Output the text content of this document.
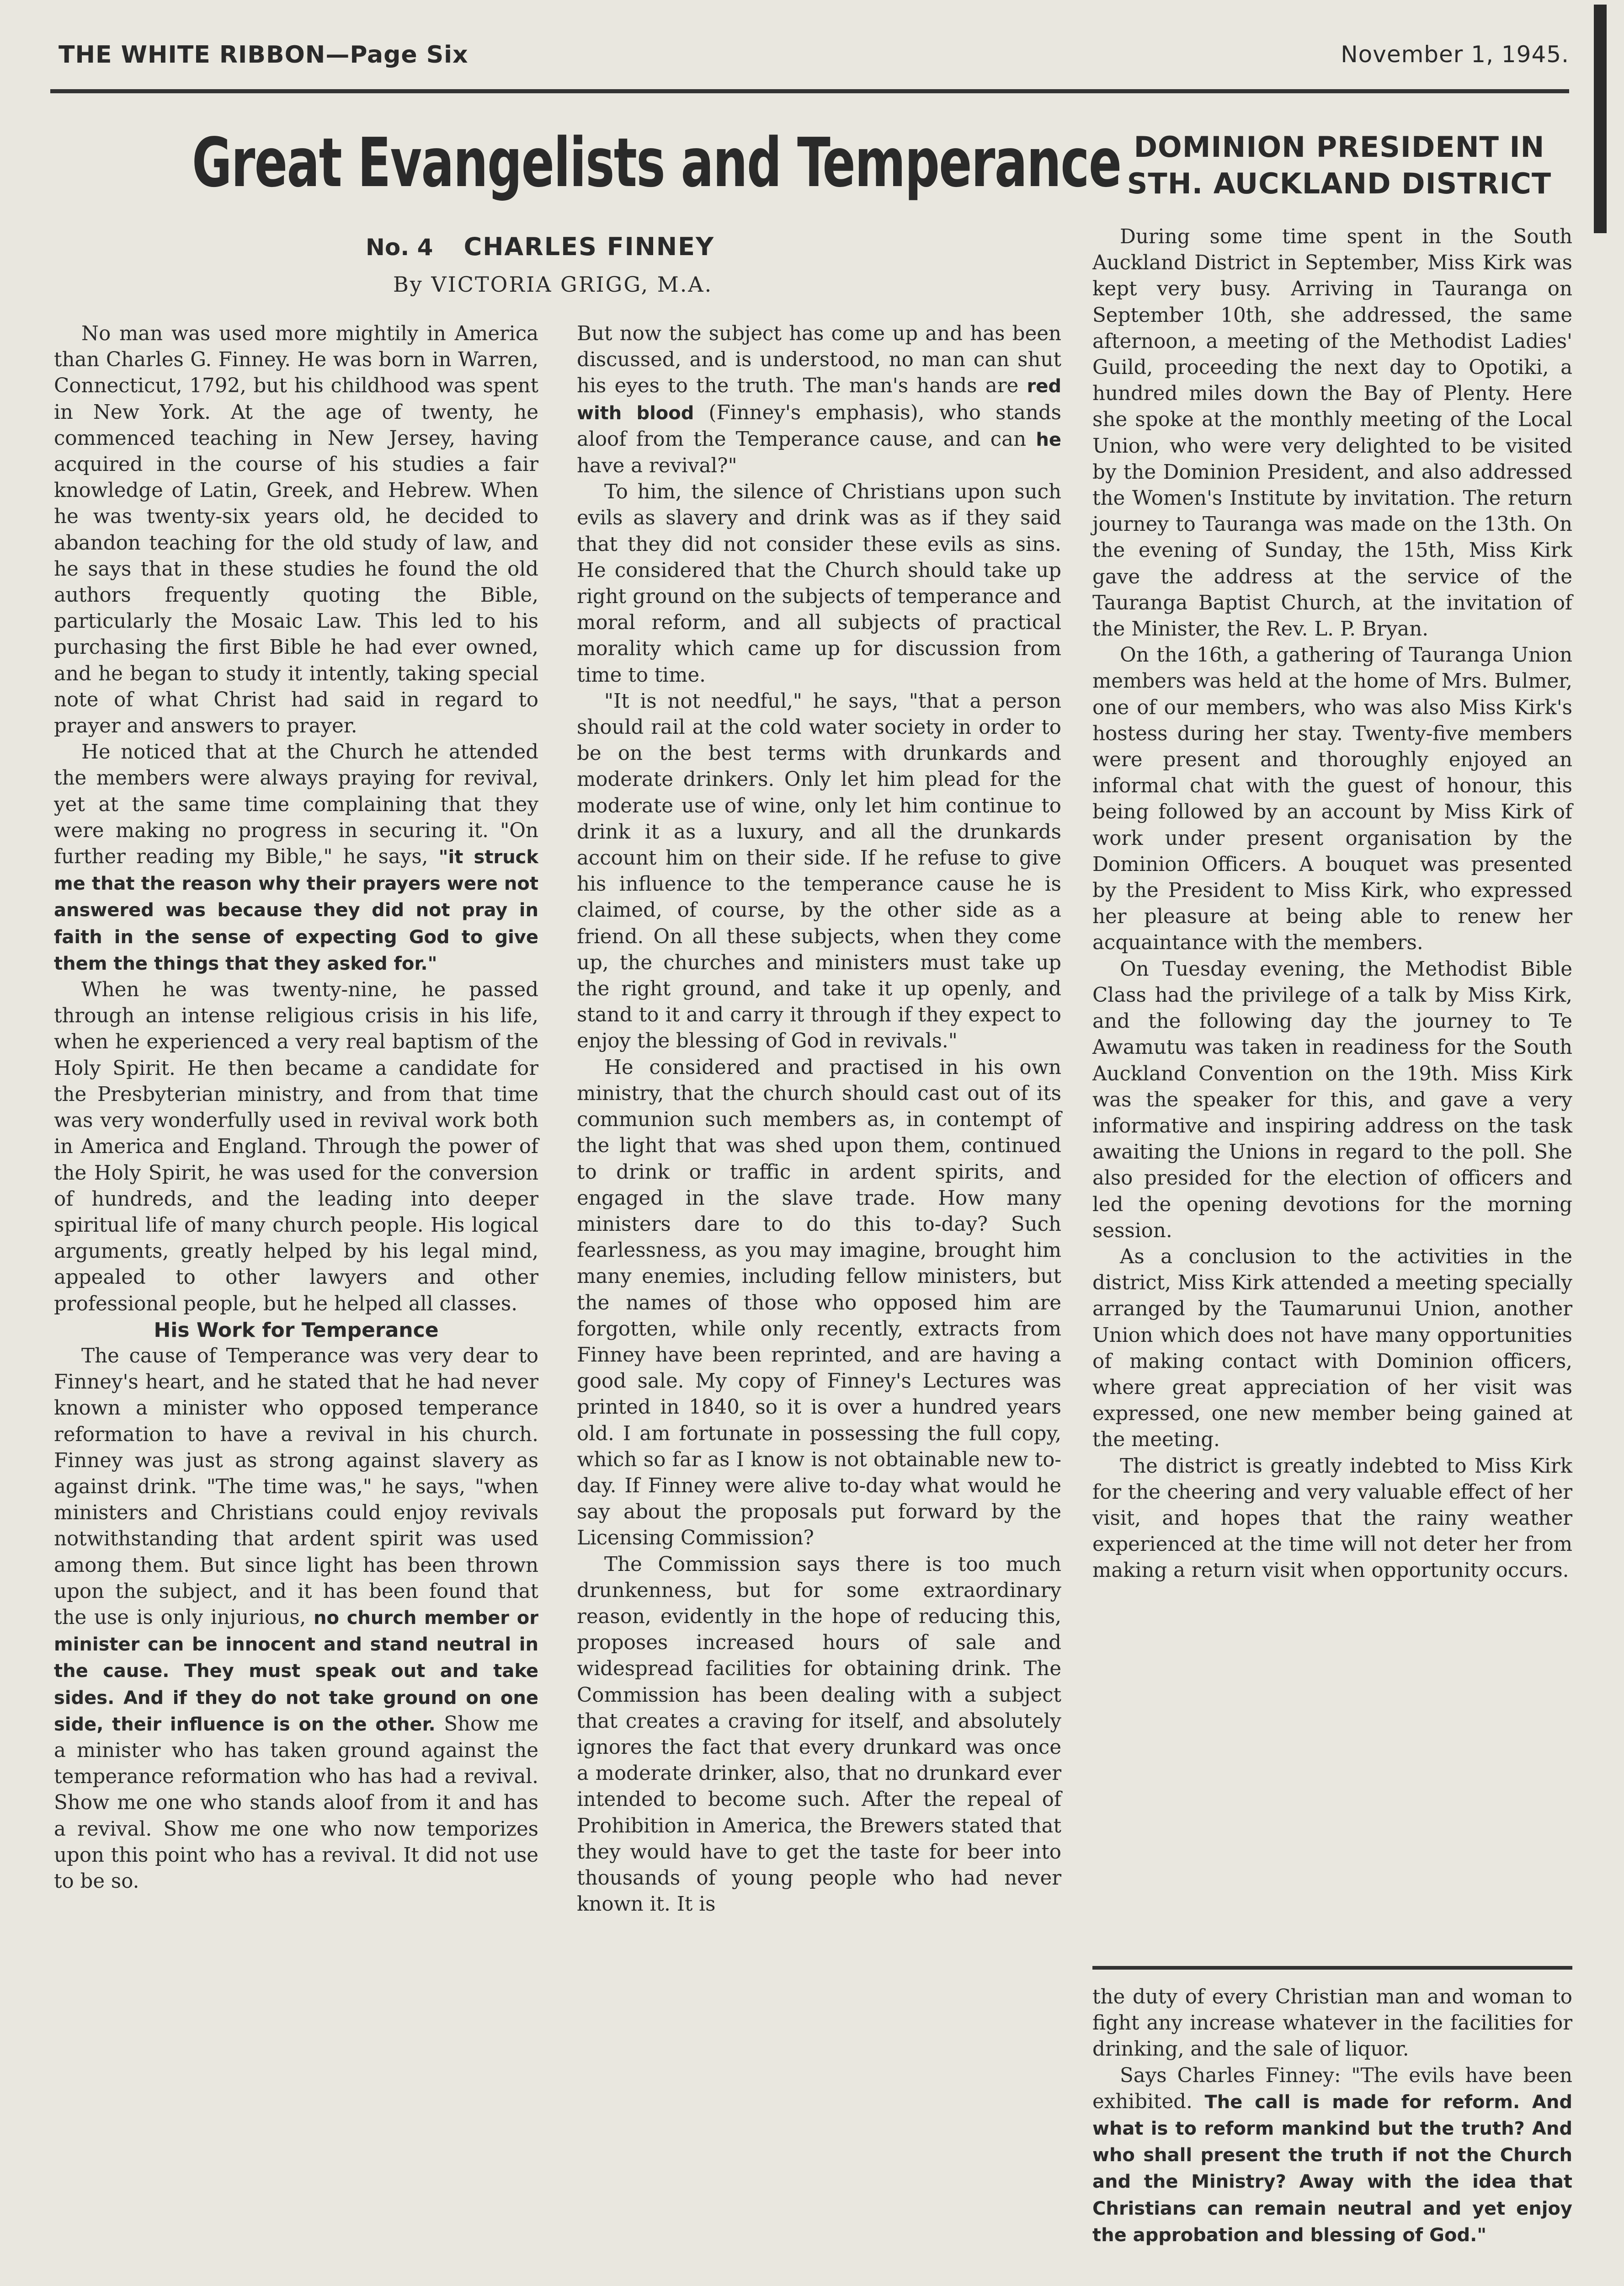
THE WHITE RIBBON—Page Six	November 1, 1945.
Great Evangelists and Temperance
No. 4 CHARLES FINNEY
By VICTORIA GRIGG, M.A.

No man was used more mightily in America than Charles G. Finney. He was born in Warren, Connecticut, 1792, but his childhood was spent in New York. At the age of twenty, he commenced teaching in New Jersey, having acquired in the course of his studies a fair knowledge of Latin, Greek, and Hebrew. When he was twenty-six years old, he decided to abandon teaching for the old study of law, and he says that in these studies he found the old authors frequently quoting the Bible, particularly the Mosaic Law. This led to his purchasing the first Bible he had ever owned, and he began to study it intently, taking special note of what Christ had said in regard to prayer and answers to prayer.

He noticed that at the Church he attended the members were always praying for revival, yet at the same time complaining that they were making no progress in securing it. "On further reading my Bible," he says, "it struck me that the reason why their prayers were not answered was because they did not pray in faith in the sense of expecting God to give them the things that they asked for."

When he was twenty-nine, he passed through an intense religious crisis in his life, when he experienced a very real baptism of the Holy Spirit. He then became a candidate for the Presbyterian ministry, and from that time was very wonderfully used in revival work both in America and England. Through the power of the Holy Spirit, he was used for the conversion of hundreds, and the leading into deeper spiritual life of many church people. His logical arguments, greatly helped by his legal mind, appealed to other lawyers and other professional people, but he helped all classes.

His Work for Temperance

The cause of Temperance was very dear to Finney's heart, and he stated that he had never known a minister who opposed temperance reformation to have a revival in his church. Finney was just as strong against slavery as against drink. "The time was," he says, "when ministers and Christians could enjoy revivals notwithstanding that ardent spirit was used among them. But since light has been thrown upon the subject, and it has been found that the use is only injurious, no church member or minister can be innocent and stand neutral in the cause. They must speak out and take sides. And if they do not take ground on one side, their influence is on the other. Show me a minister who has taken ground against the temperance reformation who has had a revival. Show me one who stands aloof from it and has a revival. Show me one who now temporizes upon this point who has a revival. It did not use to be so.

But now the subject has come up and has been discussed, and is understood, no man can shut his eyes to the truth. The man's hands are red with blood (Finney's emphasis), who stands aloof from the Temperance cause, and can he have a revival?"

To him, the silence of Christians upon such evils as slavery and drink was as if they said that they did not consider these evils as sins. He considered that the Church should take up right ground on the subjects of temperance and moral reform, and all subjects of practical morality which came up for discussion from time to time.

"It is not needful," he says, "that a person should rail at the cold water society in order to be on the best terms with drunkards and moderate drinkers. Only let him plead for the moderate use of wine, only let him continue to drink it as a luxury, and all the drunkards account him on their side. If he refuse to give his influence to the temperance cause he is claimed, of course, by the other side as a friend. On all these subjects, when they come up, the churches and ministers must take up the right ground, and take it up openly, and stand to it and carry it through if they expect to enjoy the blessing of God in revivals."

He considered and practised in his own ministry, that the church should cast out of its communion such members as, in contempt of the light that was shed upon them, continued to drink or traffic in ardent spirits, and engaged in the slave trade. How many ministers dare to do this to-day? Such fearlessness, as you may imagine, brought him many enemies, including fellow ministers, but the names of those who opposed him are forgotten, while only recently, extracts from Finney have been reprinted, and are having a good sale. My copy of Finney's Lectures was printed in 1840, so it is over a hundred years old. I am fortunate in possessing the full copy, which so far as I know is not obtainable new to-day. If Finney were alive to-day what would he say about the proposals put forward by the Licensing Commission?

The Commission says there is too much drunkenness, but for some extraordinary reason, evidently in the hope of reducing this, proposes increased hours of sale and widespread facilities for obtaining drink. The Commission has been dealing with a subject that creates a craving for itself, and absolutely ignores the fact that every drunkard was once a moderate drinker, also, that no drunkard ever intended to become such. After the repeal of Prohibition in America, the Brewers stated that they would have to get the taste for beer into thousands of young people who had never known it. It is

DOMINION PRESIDENT IN STH. AUCKLAND DISTRICT

During some time spent in the South Auckland District in September, Miss Kirk was kept very busy. Arriving in Tauranga on September 10th, she addressed, the same afternoon, a meeting of the Methodist Ladies' Guild, proceeding the next day to Opotiki, a hundred miles down the Bay of Plenty. Here she spoke at the monthly meeting of the Local Union, who were very delighted to be visited by the Dominion President, and also addressed the Women's Institute by invitation. The return journey to Tauranga was made on the 13th. On the evening of Sunday, the 15th, Miss Kirk gave the address at the service of the Tauranga Baptist Church, at the invitation of the Minister, the Rev. L. P. Bryan.

On the 16th, a gathering of Tauranga Union members was held at the home of Mrs. Bulmer, one of our members, who was also Miss Kirk's hostess during her stay. Twenty-five members were present and thoroughly enjoyed an informal chat with the guest of honour, this being followed by an account by Miss Kirk of work under present organisation by the Dominion Officers. A bouquet was presented by the President to Miss Kirk, who expressed her pleasure at being able to renew her acquaintance with the members.

On Tuesday evening, the Methodist Bible Class had the privilege of a talk by Miss Kirk, and the following day the journey to Te Awamutu was taken in readiness for the South Auckland Convention on the 19th. Miss Kirk was the speaker for this, and gave a very informative and inspiring address on the task awaiting the Unions in regard to the poll. She also presided for the election of officers and led the opening devotions for the morning session.

As a conclusion to the activities in the district, Miss Kirk attended a meeting specially arranged by the Taumarunui Union, another Union which does not have many opportunities of making contact with Dominion officers, where great appreciation of her visit was expressed, one new member being gained at the meeting.

The district is greatly indebted to Miss Kirk for the cheering and very valuable effect of her visit, and hopes that the rainy weather experienced at the time will not deter her from making a return visit when opportunity occurs.

the duty of every Christian man and woman to fight any increase whatever in the facilities for drinking, and the sale of liquor.

Says Charles Finney: "The evils have been exhibited. The call is made for reform. And what is to reform mankind but the truth? And who shall present the truth if not the Church and the Ministry? Away with the idea that Christians can remain neutral and yet enjoy the approbation and blessing of God."
